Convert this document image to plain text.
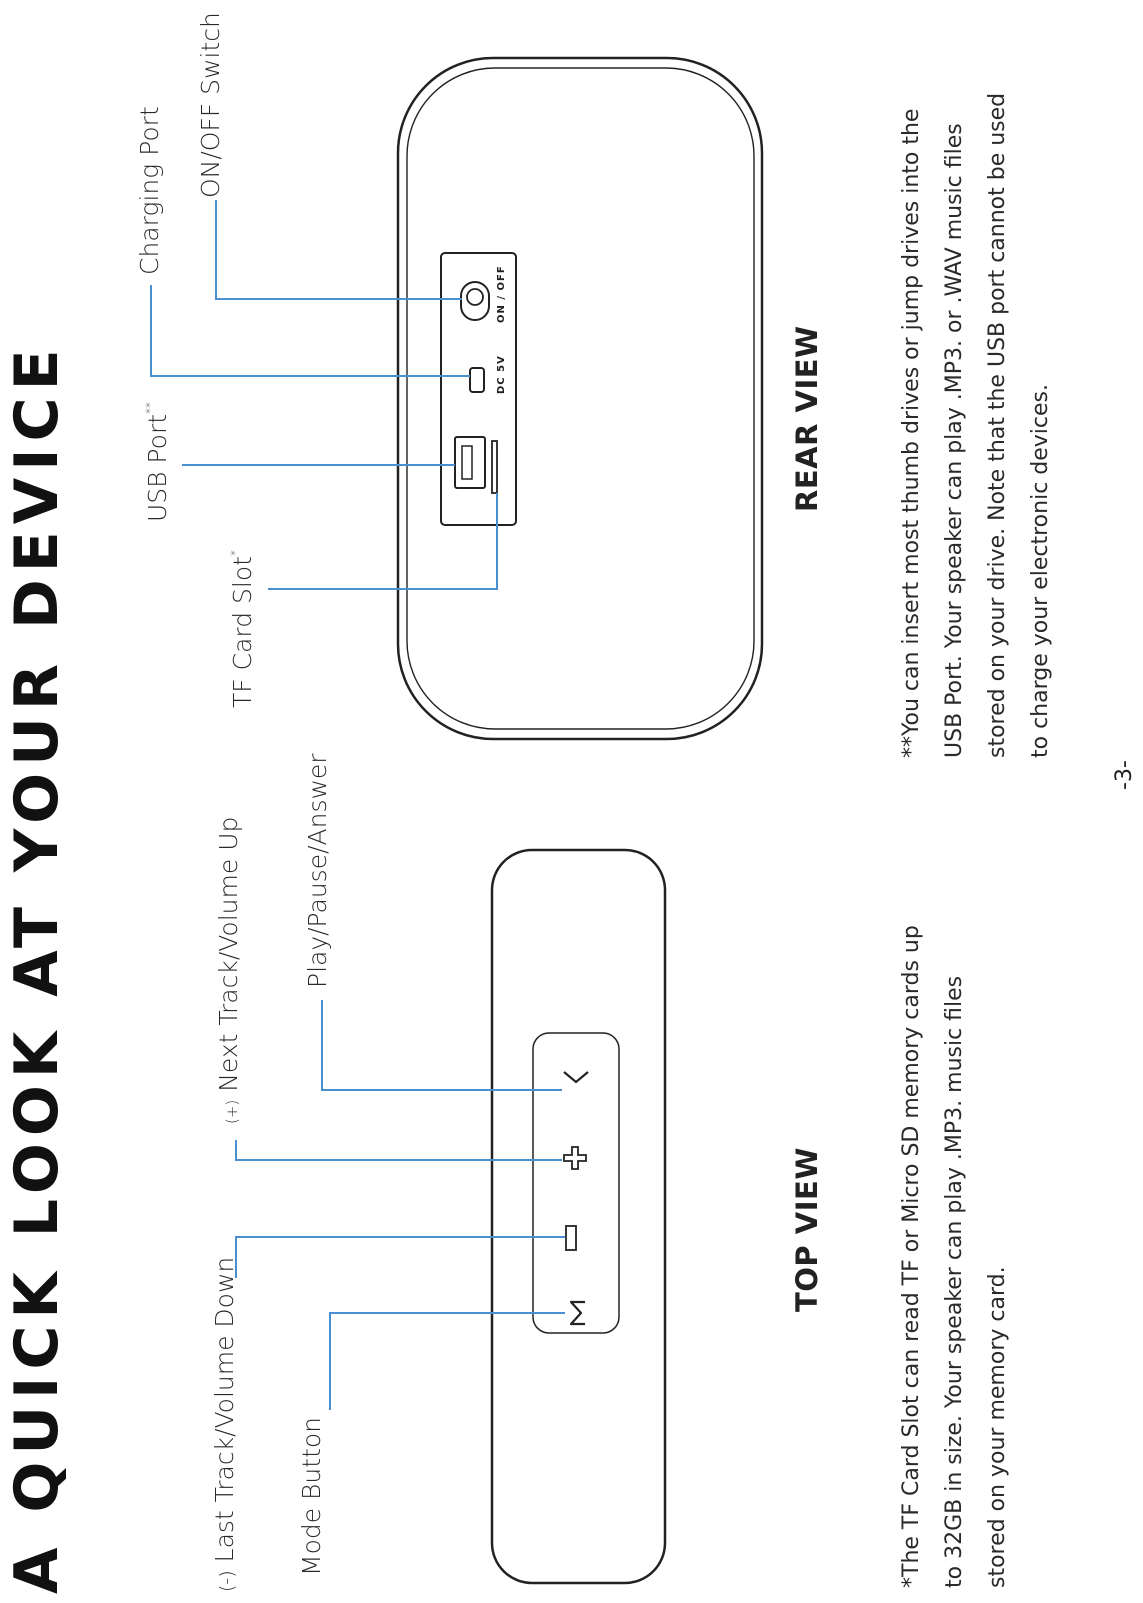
A QUICK LOOK AT YOUR DEVICE	(-) Last Track/Volume Down Mode Button
(+) Next Track/Volume Up Play/Pause/Answer
TF Card Slot*
USB Port**
Charging Port ON/OFF Switch
DC 5V
ON / OFF
TOP VIEW
REAR VIEW
*The TF Card Slot can read TF or Micro SD memory cards up to 32GB in size. Your speaker can play .MP3. music files stored on your memory card.
**You can insert most thumb drives or jump drives into the USB Port. Your speaker can play .MP3. or .WAV music files stored on your drive. Note that the USB port cannot be used to charge your electronic devices.
-3-
